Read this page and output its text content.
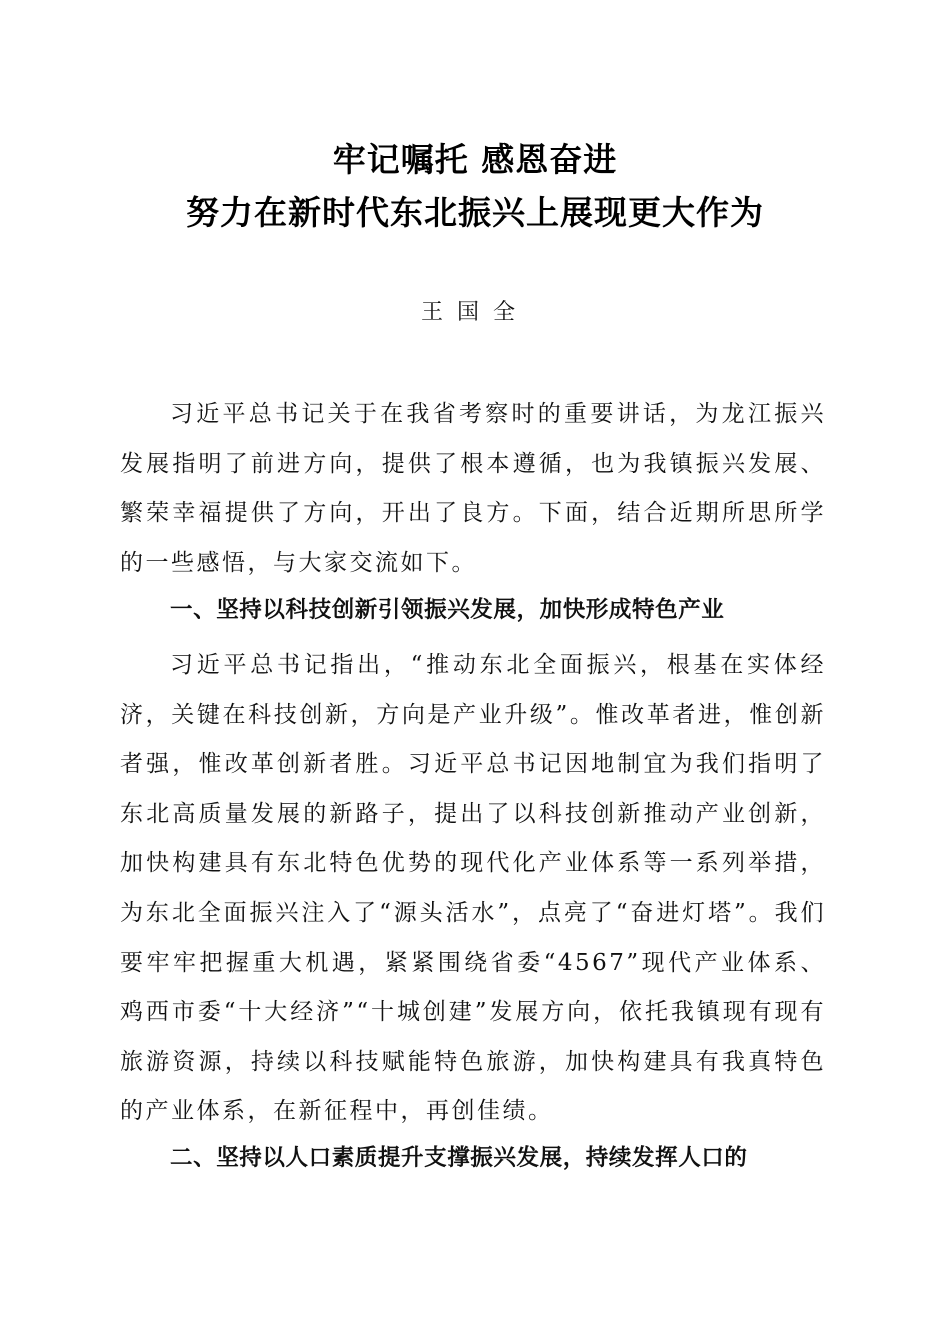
牢记嘱托 感恩奋进
努力在新时代东北振兴上展现更大作为
王国全

习近平总书记关于在我省考察时的重要讲话，为龙江振兴发展指明了前进方向，提供了根本遵循，也为我镇振兴发展、繁荣幸福提供了方向，开出了良方。下面，结合近期所思所学的一些感悟，与大家交流如下。

一、坚持以科技创新引领振兴发展，加快形成特色产业

习近平总书记指出，“推动东北全面振兴，根基在实体经济，关键在科技创新，方向是产业升级”。惟改革者进，惟创新者强，惟改革创新者胜。习近平总书记因地制宜为我们指明了东北高质量发展的新路子，提出了以科技创新推动产业创新，加快构建具有东北特色优势的现代化产业体系等一系列举措，为东北全面振兴注入了“源头活水”，点亮了“奋进灯塔”。我们要牢牢把握重大机遇，紧紧围绕省委“4567”现代产业体系、鸡西市委“十大经济”“十城创建”发展方向，依托我镇现有现有旅游资源，持续以科技赋能特色旅游，加快构建具有我真特色的产业体系，在新征程中，再创佳绩。

二、坚持以人口素质提升支撑振兴发展，持续发挥人口的
